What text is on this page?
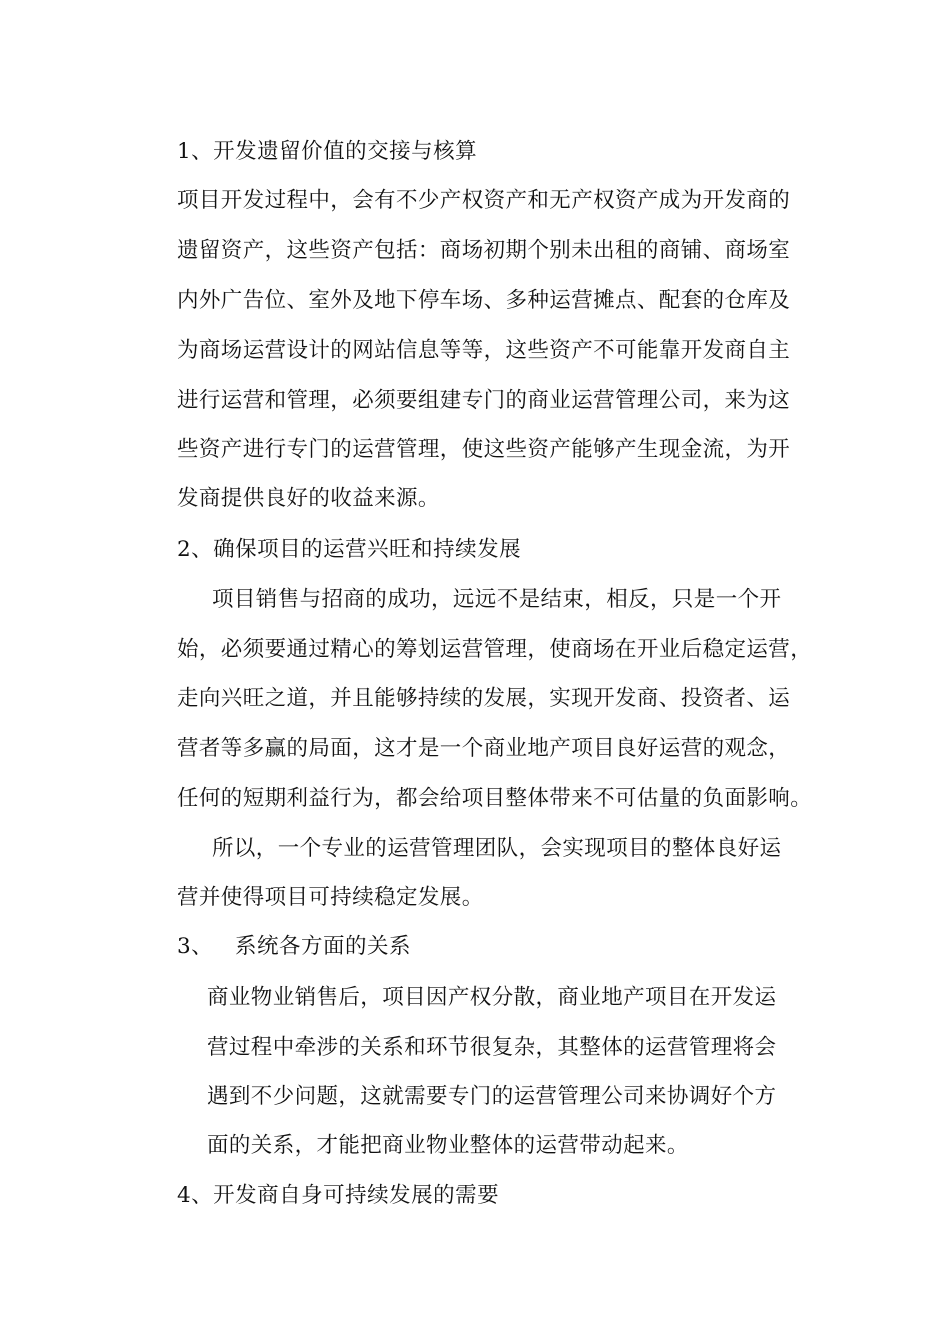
1、开发遗留价值的交接与核算
项目开发过程中，会有不少产权资产和无产权资产成为开发商的
遗留资产，这些资产包括：商场初期个别未出租的商铺、商场室
内外广告位、室外及地下停车场、多种运营摊点、配套的仓库及
为商场运营设计的网站信息等等，这些资产不可能靠开发商自主
进行运营和管理，必须要组建专门的商业运营管理公司，来为这
些资产进行专门的运营管理，使这些资产能够产生现金流，为开
发商提供良好的收益来源。
2、确保项目的运营兴旺和持续发展
项目销售与招商的成功，远远不是结束，相反，只是一个开
始，必须要通过精心的筹划运营管理，使商场在开业后稳定运营，
走向兴旺之道，并且能够持续的发展，实现开发商、投资者、运
营者等多赢的局面，这才是一个商业地产项目良好运营的观念，
任何的短期利益行为，都会给项目整体带来不可估量的负面影响。
所以，一个专业的运营管理团队，会实现项目的整体良好运
营并使得项目可持续稳定发展。
3、 系统各方面的关系
商业物业销售后，项目因产权分散，商业地产项目在开发运
营过程中牵涉的关系和环节很复杂，其整体的运营管理将会
遇到不少问题，这就需要专门的运营管理公司来协调好个方
面的关系，才能把商业物业整体的运营带动起来。
4、开发商自身可持续发展的需要
